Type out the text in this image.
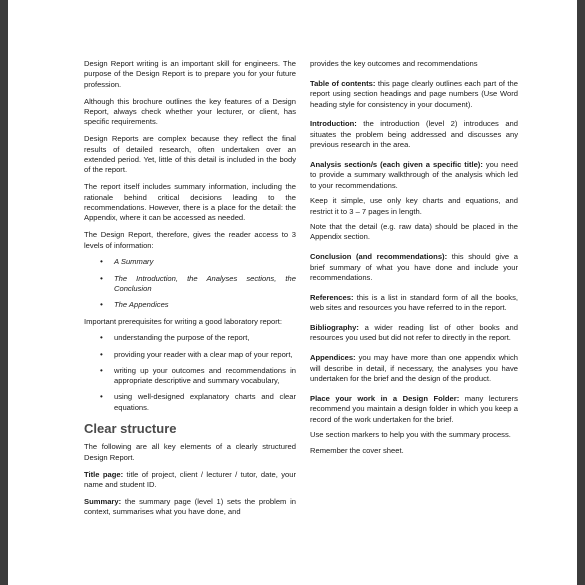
Design Report writing is an important skill for engineers. The purpose of the Design Report is to prepare you for your future profession.

Although this brochure outlines the key features of a Design Report, always check whether your lecturer, or client, has specific requirements.

Design Reports are complex because they reflect the final results of detailed research, often undertaken over an extended period. Yet, little of this detail is included in the body of the report.

The report itself includes summary information, including the rationale behind critical decisions leading to the recommendations. However, there is a place for the detail: the Appendix, where it can be accessed as needed.

The Design Report, therefore, gives the reader access to 3 levels of information:

• A Summary
• The Introduction, the Analyses sections, the Conclusion
• The Appendices

Important prerequisites for writing a good laboratory report:

• understanding the purpose of the report,
• providing your reader with a clear map of your report,
• writing up your outcomes and recommendations in appropriate descriptive and summary vocabulary,
• using well-designed explanatory charts and clear equations.
Clear structure

The following are all key elements of a clearly structured Design Report.

Title page: title of project, client / lecturer / tutor, date, your name and student ID.

Summary: the summary page (level 1) sets the problem in context, summarises what you have done, and

provides the key outcomes and recommendations

Table of contents: this page clearly outlines each part of the report using section headings and page numbers (Use Word heading style for consistency in your document).

Introduction: the introduction (level 2) introduces and situates the problem being addressed and discusses any previous research in the area.

Analysis section/s (each given a specific title): you need to provide a summary walkthrough of the analysis which led to your recommendations.

Keep it simple, use only key charts and equations, and restrict it to 3 – 7 pages in length.

Note that the detail (e.g. raw data) should be placed in the Appendix section.

Conclusion (and recommendations): this should give a brief summary of what you have done and include your recommendations.

References: this is a list in standard form of all the books, web sites and resources you have referred to in the report.

Bibliography: a wider reading list of other books and resources you used but did not refer to directly in the report.

Appendices: you may have more than one appendix which will describe in detail, if necessary, the analyses you have undertaken for the brief and the design of the product.

Place your work in a Design Folder: many lecturers recommend you maintain a design folder in which you keep a record of the work undertaken for the brief.

Use section markers to help you with the summary process.

Remember the cover sheet.
